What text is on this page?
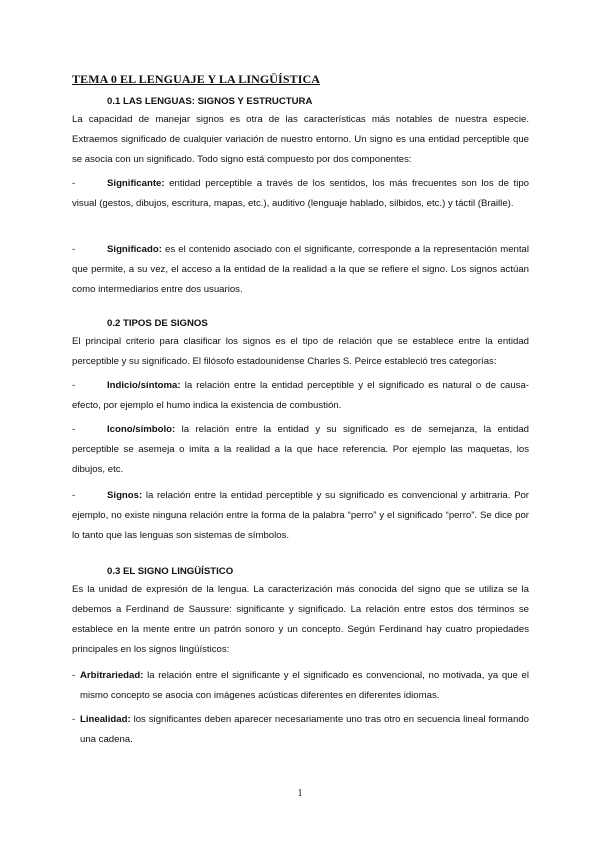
TEMA 0 EL LENGUAJE Y LA LINGÜÍSTICA
0.1 LAS LENGUAS: SIGNOS Y ESTRUCTURA
La capacidad de manejar signos es otra de las características más notables de nuestra especie. Extraemos significado de cualquier variación de nuestro entorno. Un signo es una entidad perceptible que se asocia con un significado. Todo signo está compuesto por dos componentes:
-	Significante: entidad perceptible a través de los sentidos, los más frecuentes son los de tipo visual (gestos, dibujos, escritura, mapas, etc.), auditivo (lenguaje hablado, silbidos, etc.) y táctil (Braille).
-	Significado: es el contenido asociado con el significante, corresponde a la representación mental que permite, a su vez, el acceso a la entidad de la realidad a la que se refiere el signo. Los signos actúan como intermediarios entre dos usuarios.
0.2 TIPOS DE SIGNOS
El principal criterio para clasificar los signos es el tipo de relación que se establece entre la entidad perceptible y su significado. El filósofo estadounidense Charles S. Peirce estableció tres categorías:
-	Indicio/síntoma: la relación entre la entidad perceptible y el significado es natural o de causa-efecto, por ejemplo el humo indica la existencia de combustión.
-	Icono/símbolo: la relación entre la entidad y su significado es de semejanza, la entidad perceptible se asemeja o imita a la realidad a la que hace referencia. Por ejemplo las maquetas, los dibujos, etc.
-	Signos: la relación entre la entidad perceptible y su significado es convencional y arbitraria. Por ejemplo, no existe ninguna relación entre la forma de la palabra “perro” y el significado “perro”. Se dice por lo tanto que las lenguas son sistemas de símbolos.
0.3 EL SIGNO LINGÜÍSTICO
Es la unidad de expresión de la lengua. La caracterización más conocida del signo que se utiliza se la debemos a Ferdinand de Saussure: significante y significado. La relación entre estos dos términos se establece en la mente entre un patrón sonoro y un concepto. Según Ferdinand hay cuatro propiedades principales en los signos lingüísticos:
- Arbitrariedad: la relación entre el significante y el significado es convencional, no motivada, ya que el mismo concepto se asocia con imágenes acústicas diferentes en diferentes idiomas.
- Linealidad: los significantes deben aparecer necesariamente uno tras otro en secuencia lineal formando una cadena.
1
